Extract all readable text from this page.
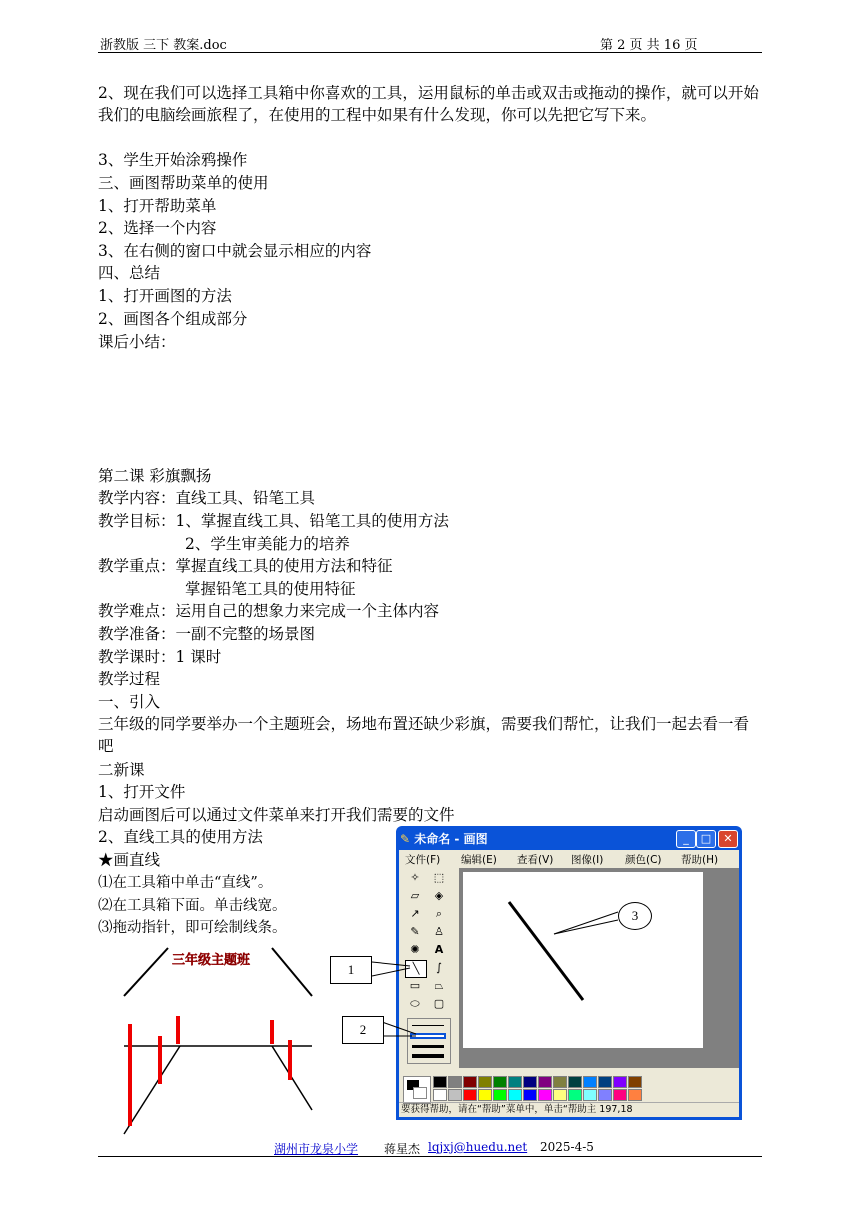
浙教版 三下 教案.doc	第 2 页 共 16 页
2、现在我们可以选择工具箱中你喜欢的工具，运用鼠标的单击或双击或拖动的操作，就可以开始我们的电脑绘画旅程了，在使用的工程中如果有什么发现，你可以先把它写下来。
3、学生开始涂鸦操作
三、画图帮助菜单的使用
1、打开帮助菜单
2、选择一个内容
3、在右侧的窗口中就会显示相应的内容
四、总结
1、打开画图的方法
2、画图各个组成部分
课后小结：
第二课 彩旗飘扬
教学内容：直线工具、铅笔工具
教学目标：1、掌握直线工具、铅笔工具的使用方法
2、学生审美能力的培养
教学重点：掌握直线工具的使用方法和特征
掌握铅笔工具的使用特征
教学难点：运用自己的想象力来完成一个主体内容
教学准备：一副不完整的场景图
教学课时：1 课时
教学过程
一、引入
三年级的同学要举办一个主题班会，场地布置还缺少彩旗，需要我们帮忙，让我们一起去看一看吧
二新课
1、打开文件
启动画图后可以通过文件菜单来打开我们需要的文件
2、直线工具的使用方法
★画直线
⑴在工具箱中单击“直线”。
⑵在工具箱下面。单击线宽。
⑶拖动指针，即可绘制线条。
三年级主题班
✎ 未命名 - 画图	_	□	✕
文件(F) 编辑(E) 查看(V) 图像(I) 颜色(C) 帮助(H)
✧	⬚
▱	◈
↗	⌕
✎	♙
✺	A
╲	∫
▭	⏢
⬭	▢
要获得帮助，请在“帮助”菜单中，单击“帮助主 197,18
1
2
3
湖州市龙泉小学 蒋星杰 lqjxj@huedu.net 2025-4-5
